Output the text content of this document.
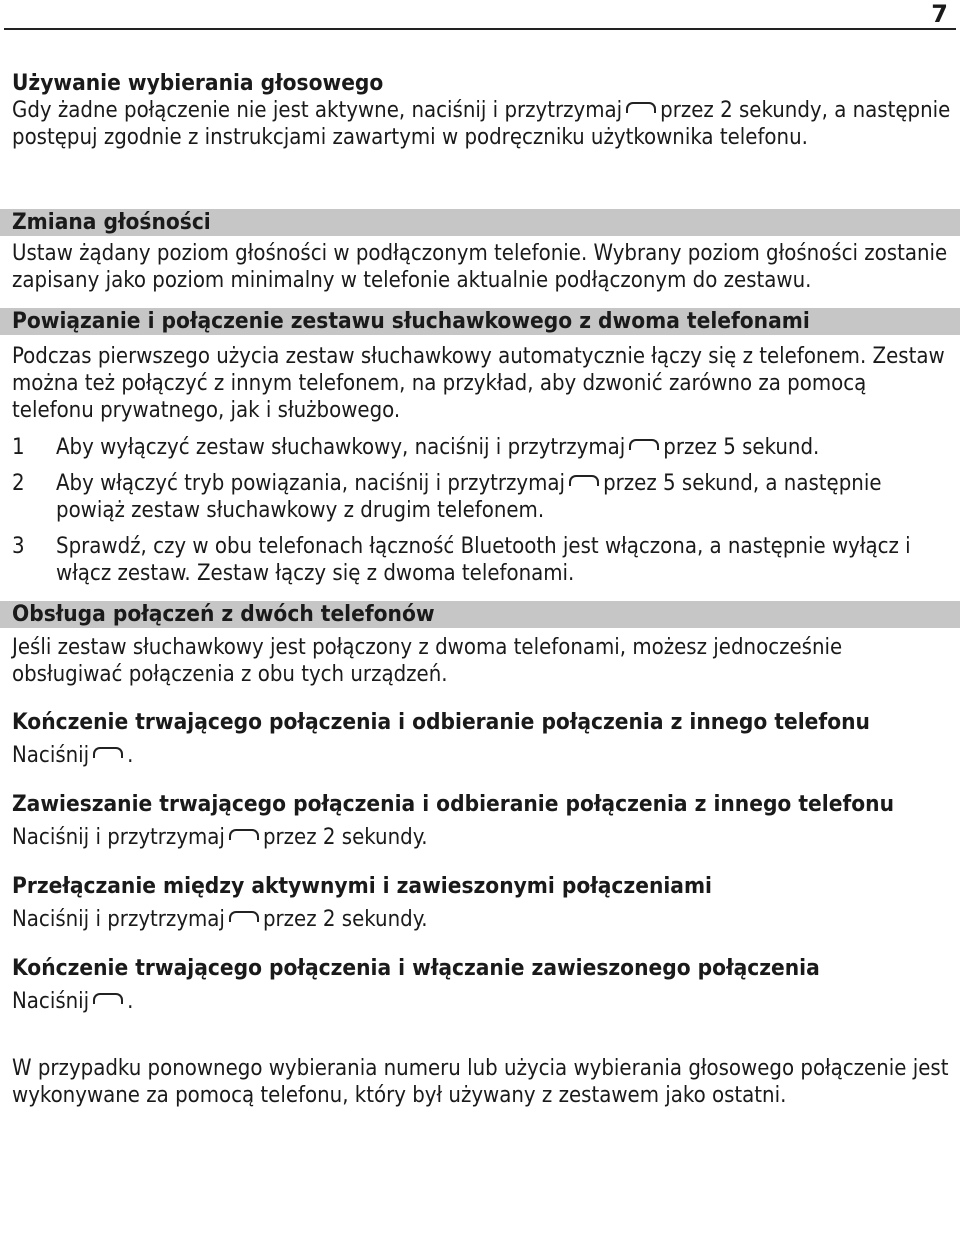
7
Używanie wybierania głosowego

Gdy żadne połączenie nie jest aktywne, naciśnij i przytrzymaj przez 2 sekundy, a następnie postępuj zgodnie z instrukcjami zawartymi w podręczniku użytkownika telefonu.

Zmiana głośności

Ustaw żądany poziom głośności w podłączonym telefonie. Wybrany poziom głośności zostanie zapisany jako poziom minimalny w telefonie aktualnie podłączonym do zestawu.

Powiązanie i połączenie zestawu słuchawkowego z dwoma telefonami

Podczas pierwszego użycia zestaw słuchawkowy automatycznie łączy się z telefonem. Zestaw można też połączyć z innym telefonem, na przykład, aby dzwonić zarówno za pomocą telefonu prywatnego, jak i służbowego.

1 Aby wyłączyć zestaw słuchawkowy, naciśnij i przytrzymaj przez 5 sekund.
2 Aby włączyć tryb powiązania, naciśnij i przytrzymaj przez 5 sekund, a następnie powiąż zestaw słuchawkowy z drugim telefonem.
3 Sprawdź, czy w obu telefonach łączność Bluetooth jest włączona, a następnie wyłącz i włącz zestaw. Zestaw łączy się z dwoma telefonami.
Obsługa połączeń z dwóch telefonów

Jeśli zestaw słuchawkowy jest połączony z dwoma telefonami, możesz jednocześnie obsługiwać połączenia z obu tych urządzeń.

Kończenie trwającego połączenia i odbieranie połączenia z innego telefonu

Naciśnij .

Zawieszanie trwającego połączenia i odbieranie połączenia z innego telefonu

Naciśnij i przytrzymaj przez 2 sekundy.

Przełączanie między aktywnymi i zawieszonymi połączeniami

Naciśnij i przytrzymaj przez 2 sekundy.

Kończenie trwającego połączenia i włączanie zawieszonego połączenia

Naciśnij .

W przypadku ponownego wybierania numeru lub użycia wybierania głosowego połączenie jest wykonywane za pomocą telefonu, który był używany z zestawem jako ostatni.
